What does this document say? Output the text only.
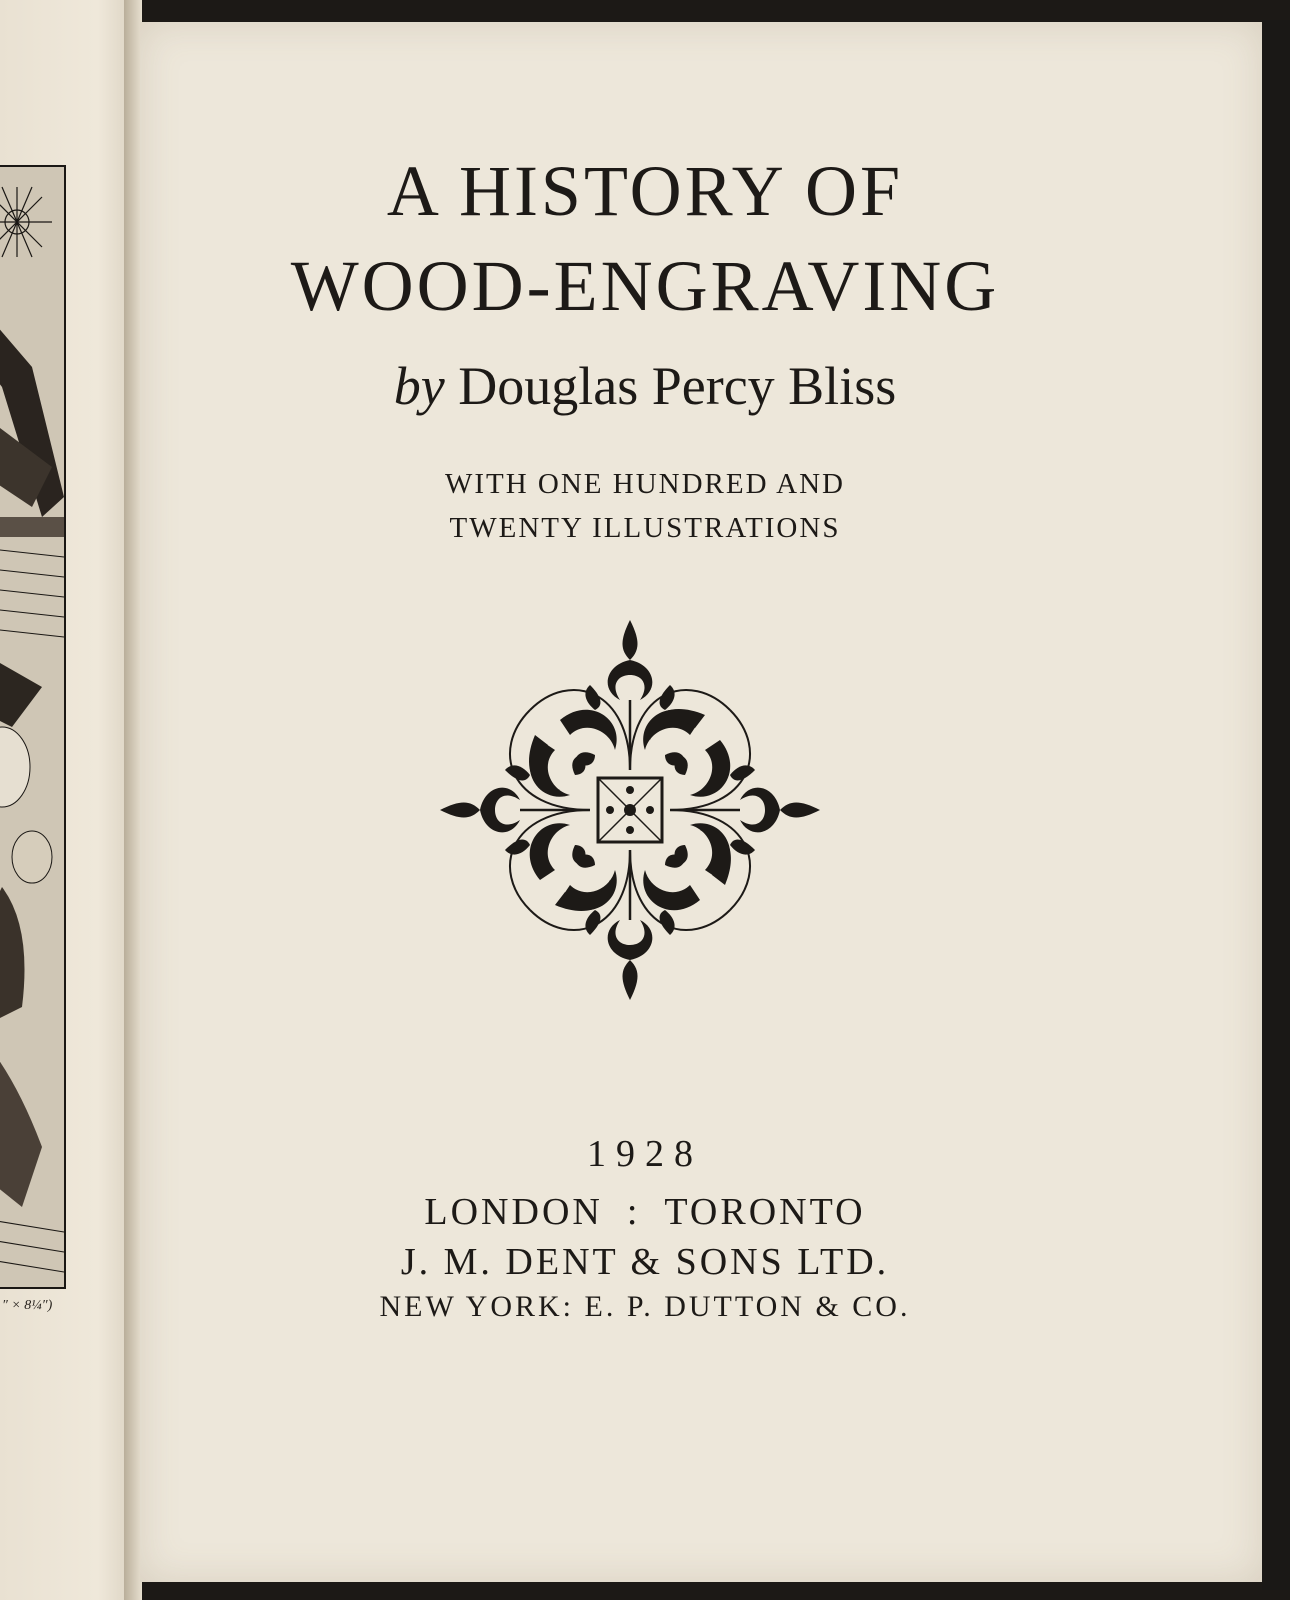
″ × 8¼″)
A HISTORY OF
WOOD-ENGRAVING
by Douglas Percy Bliss
WITH ONE HUNDRED AND
TWENTY ILLUSTRATIONS
1928
LONDON : TORONTO
J. M. DENT & SONS LTD.
NEW YORK: E. P. DUTTON & CO.
